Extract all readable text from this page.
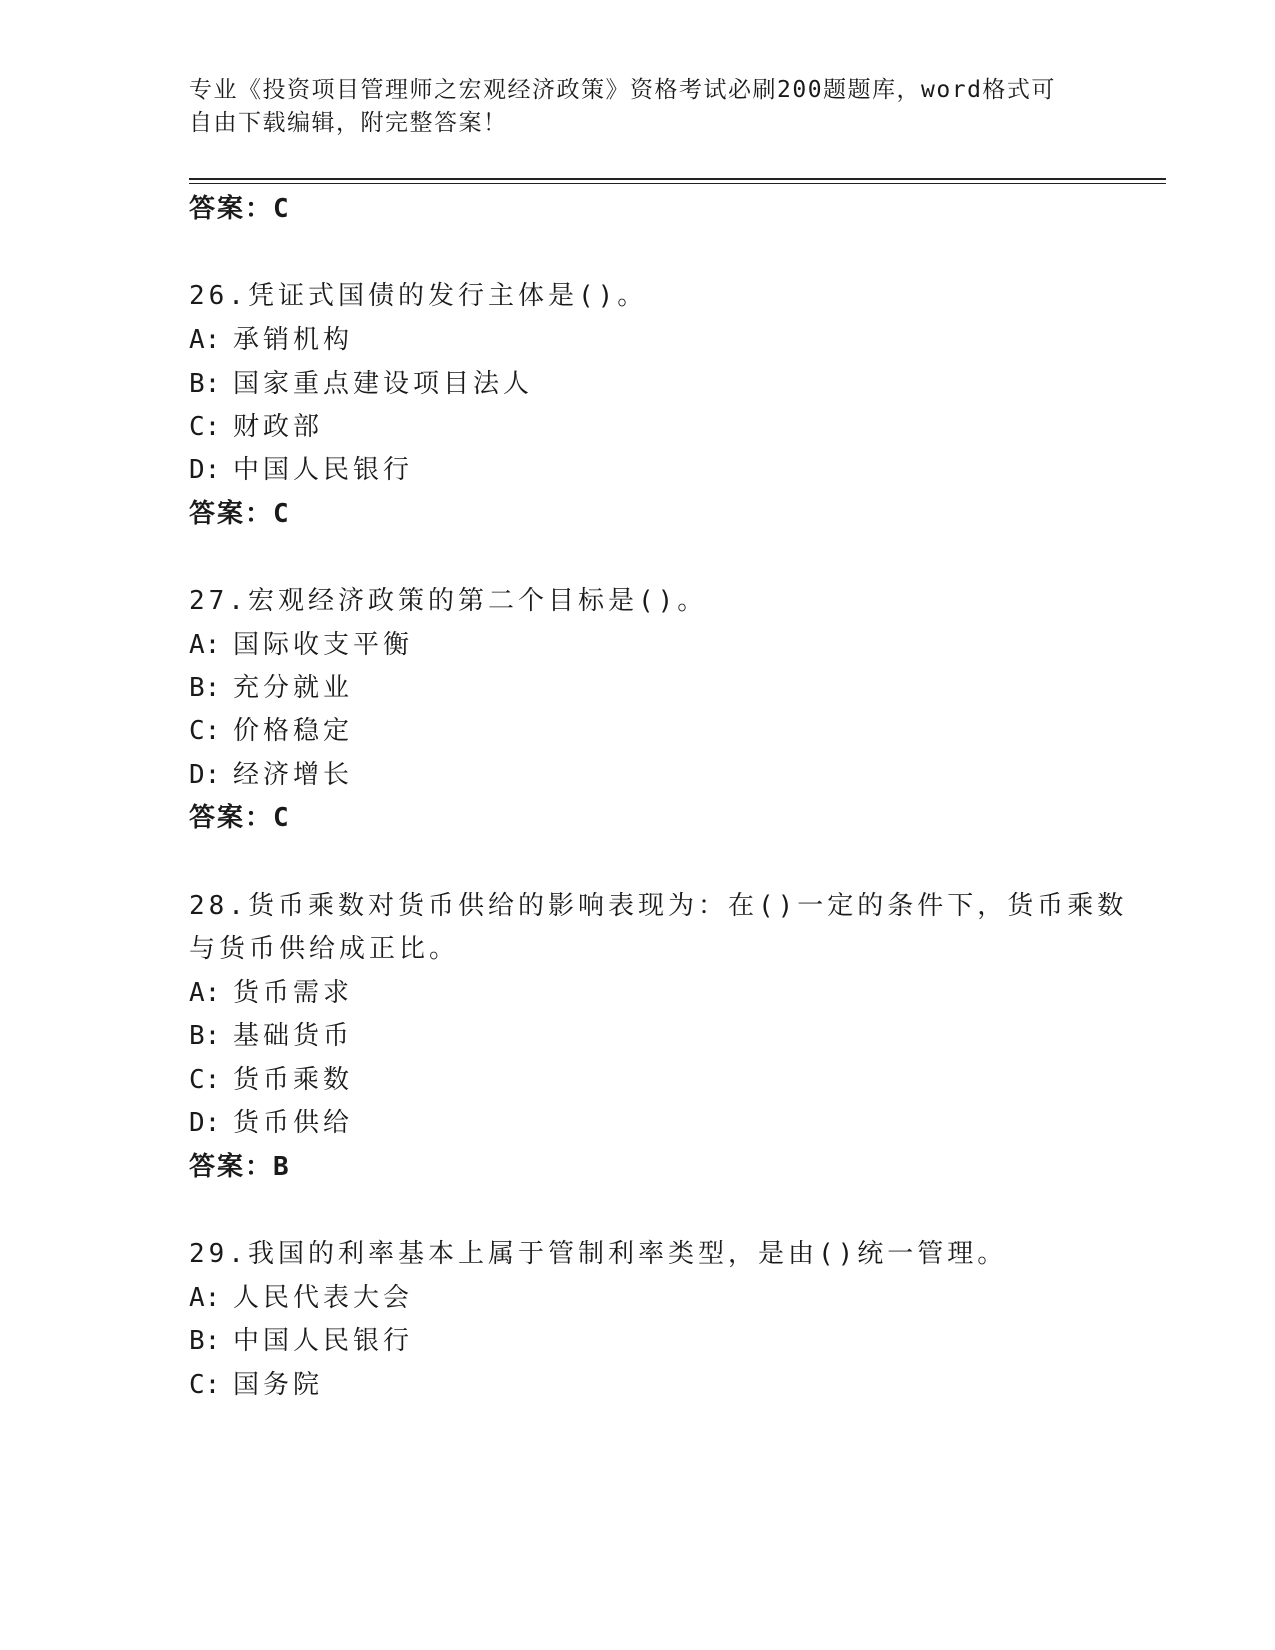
专业《投资项目管理师之宏观经济政策》资格考试必刷200题题库，word格式可
自由下载编辑，附完整答案！
答案：C
26.凭证式国债的发行主体是()。
A: 承销机构
B: 国家重点建设项目法人
C: 财政部
D: 中国人民银行
答案：C
27.宏观经济政策的第二个目标是()。
A: 国际收支平衡
B: 充分就业
C: 价格稳定
D: 经济增长
答案：C
28.货币乘数对货币供给的影响表现为：在()一定的条件下，货币乘数
与货币供给成正比。
A: 货币需求
B: 基础货币
C: 货币乘数
D: 货币供给
答案：B
29.我国的利率基本上属于管制利率类型，是由()统一管理。
A: 人民代表大会
B: 中国人民银行
C: 国务院
